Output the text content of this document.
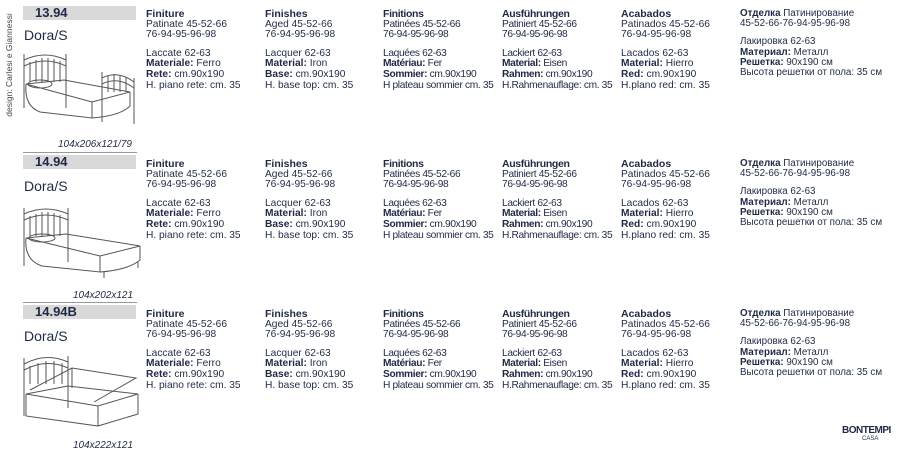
design: Carlesi e Giannessi
13.94
Dora/S
104x206x121/79
Finiture
Patinate 45-52-66
76-94-95-96-98
Laccate 62-63
Materiale: Ferro
Rete: cm.90x190
H. piano rete: cm. 35
Finishes
Aged 45-52-66
76-94-95-96-98
Lacquer 62-63
Material: Iron
Base: cm.90x190
H. base top: cm. 35
Finitions
Patinées 45-52-66
76-94-95-96-98
Laquées 62-63
Matériau: Fer
Sommier: cm.90x190
H plateau sommier cm. 35
Ausführungen
Patiniert 45-52-66
76-94-95-96-98
Lackiert 62-63
Material: Eisen
Rahmen: cm.90x190
H.Rahmenauflage: cm. 35
Acabados
Patinados 45-52-66
76-94-95-96-98
Lacados 62-63
Material: Hierro
Red: cm.90x190
H.plano red: cm. 35
Отделка Патинирование
45-52-66-76-94-95-96-98
Лакировка 62-63
Материал: Металл
Решетка: 90x190 см
Высота решетки от пола: 35 см
14.94
Dora/S
104x202x121
Finiture
Patinate 45-52-66
76-94-95-96-98
Laccate 62-63
Materiale: Ferro
Rete: cm.90x190
H. piano rete: cm. 35
Finishes
Aged 45-52-66
76-94-95-96-98
Lacquer 62-63
Material: Iron
Base: cm.90x190
H. base top: cm. 35
Finitions
Patinées 45-52-66
76-94-95-96-98
Laquées 62-63
Matériau: Fer
Sommier: cm.90x190
H plateau sommier cm. 35
Ausführungen
Patiniert 45-52-66
76-94-95-96-98
Lackiert 62-63
Material: Eisen
Rahmen: cm.90x190
H.Rahmenauflage: cm. 35
Acabados
Patinados 45-52-66
76-94-95-96-98
Lacados 62-63
Material: Hierro
Red: cm.90x190
H.plano red: cm. 35
Отделка Патинирование
45-52-66-76-94-95-96-98
Лакировка 62-63
Материал: Металл
Решетка: 90x190 см
Высота решетки от пола: 35 см
14.94B
Dora/S
104x222x121
Finiture
Patinate 45-52-66
76-94-95-96-98
Laccate 62-63
Materiale: Ferro
Rete: cm.90x190
H. piano rete: cm. 35
Finishes
Aged 45-52-66
76-94-95-96-98
Lacquer 62-63
Material: Iron
Base: cm.90x190
H. base top: cm. 35
Finitions
Patinées 45-52-66
76-94-95-96-98
Laquées 62-63
Matériau: Fer
Sommier: cm.90x190
H plateau sommier cm. 35
Ausführungen
Patiniert 45-52-66
76-94-95-96-98
Lackiert 62-63
Material: Eisen
Rahmen: cm.90x190
H.Rahmenauflage: cm. 35
Acabados
Patinados 45-52-66
76-94-95-96-98
Lacados 62-63
Material: Hierro
Red: cm.90x190
H.plano red: cm. 35
Отделка Патинирование
45-52-66-76-94-95-96-98
Лакировка 62-63
Материал: Металл
Решетка: 90x190 см
Высота решетки от пола: 35 см
BONTEMPI
CASA
